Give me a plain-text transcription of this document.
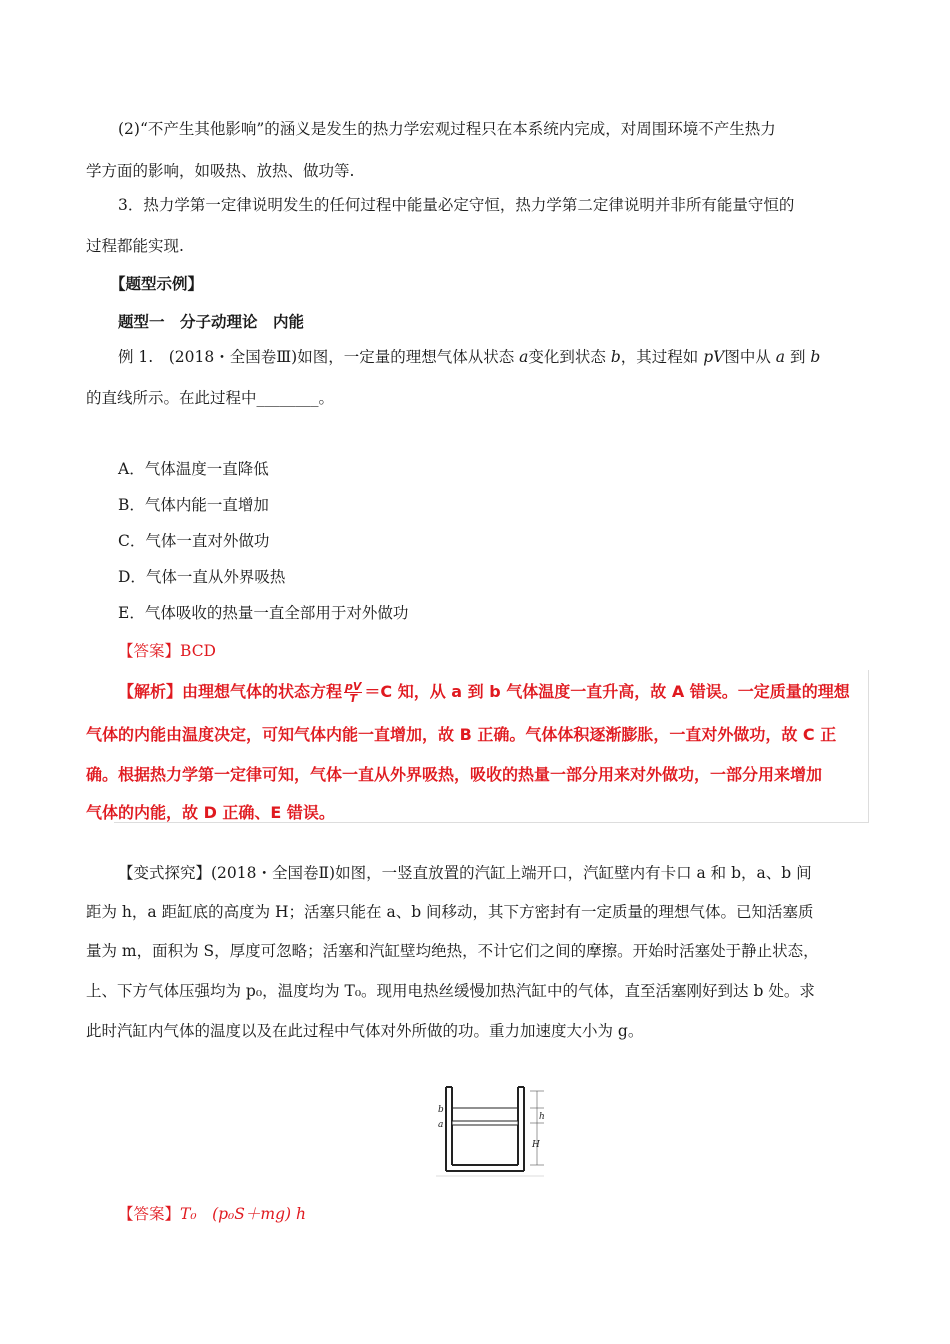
(2)“不产生其他影响”的涵义是发生的热力学宏观过程只在本系统内完成，对周围环境不产生热力
学方面的影响，如吸热、放热、做功等.
3．热力学第一定律说明发生的任何过程中能量必定守恒，热力学第二定律说明并非所有能量守恒的
过程都能实现.
【题型示例】
题型一　分子动理论　内能
例 1.　(2018・全国卷Ⅲ)如图，一定量的理想气体从状态 a变化到状态 b，其过程如 pV图中从 a 到 b
的直线所示。在此过程中________。
A．气体温度一直降低
B．气体内能一直增加
C．气体一直对外做功
D．气体一直从外界吸热
E．气体吸收的热量一直全部用于对外做功
【答案】BCD
【解析】由理想气体的状态方程 $\frac{pV}{T} =C$ 知，从 a 到 b 气体温度一直升高，故 A 错误。一定质量的理想
气体的内能由温度决定，可知气体内能一直增加，故 B 正确。气体体积逐渐膨胀，一直对外做功，故 C 正
确。根据热力学第一定律可知，气体一直从外界吸热，吸收的热量一部分用来对外做功，一部分用来增加
气体的内能，故 D 正确、E 错误。
【变式探究】(2018・全国卷Ⅱ)如图，一竖直放置的汽缸上端开口，汽缸壁内有卡口 a 和 b，a、b 间
距为 h，a 距缸底的高度为 H；活塞只能在 a、b 间移动，其下方密封有一定质量的理想气体。已知活塞质
量为 m，面积为 S，厚度可忽略；活塞和汽缸壁均绝热，不计它们之间的摩擦。开始时活塞处于静止状态，
上、下方气体压强均为 p₀，温度均为 T₀。现用电热丝缓慢加热汽缸中的气体，直至活塞刚好到达 b 处。求
此时汽缸内气体的温度以及在此过程中气体对外所做的功。重力加速度大小为 g。
b
a
h
H
【答案】T₀　(p₀S＋mg) h
